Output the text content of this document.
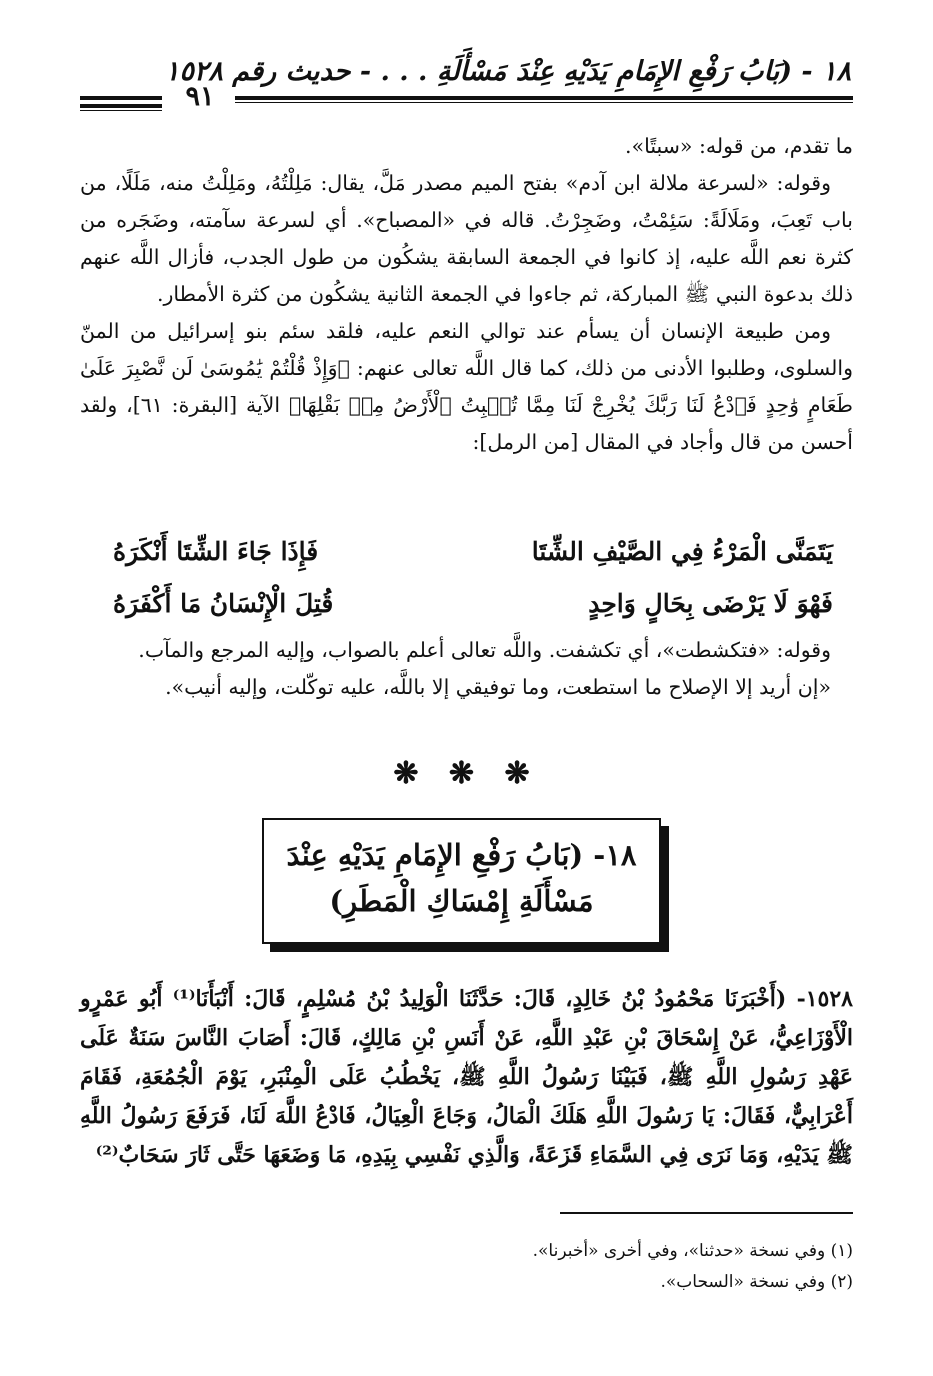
١٨ - (بَابُ رَفْعِ الإِمَامِ يَدَيْهِ عِنْدَ مَسْأَلَةِ . . . - حديث رقم ١٥٢٨
٩١

ما تقدم، من قوله: «سبتًا».

وقوله: «لسرعة ملالة ابن آدم» بفتح الميم مصدر مَلَّ، يقال: مَلِلْتُهُ، ومَلِلْتُ منه، مَلَلًا، من باب تَعِبَ، ومَلَالَةً: سَئِمْتُ، وضَجِرْتُ. قاله في «المصباح». أي لسرعة سآمته، وضَجَره من كثرة نعم اللَّه عليه، إذ كانوا في الجمعة السابقة يشكُون من طول الجدب، فأزال اللَّه عنهم ذلك بدعوة النبي ﷺ المباركة، ثم جاءوا في الجمعة الثانية يشكُون من كثرة الأمطار.

ومن طبيعة الإنسان أن يسأم عند توالي النعم عليه، فلقد سئم بنو إسرائيل من المنّ والسلوى، وطلبوا الأدنى من ذلك، كما قال اللَّه تعالى عنهم: ﴿وَإِذْ قُلْتُمْ يَٰمُوسَىٰ لَن نَّصْبِرَ عَلَىٰ طَعَامٍ وَٰحِدٍ فَٱدْعُ لَنَا رَبَّكَ يُخْرِجْ لَنَا مِمَّا تُنۢبِتُ ٱلْأَرْضُ مِنۢ بَقْلِهَا﴾ الآية [البقرة: ٦١]، ولقد أحسن من قال وأجاد في المقال [من الرمل]:

يَتَمَنَّى الْمَرْءُ فِي الصَّيْفِ الشِّتَا
فَإِذَا جَاءَ الشِّتَا أَنْكَرَهُ
فَهْوَ لَا يَرْضَى بِحَالٍ وَاحِدٍ
قُتِلَ الْإِنْسَانُ مَا أَكْفَرَهُ

وقوله: «فتكشطت»، أي تكشفت. واللَّه تعالى أعلم بالصواب، وإليه المرجع والمآب.

«إن أريد إلا الإصلاح ما استطعت، وما توفيقي إلا باللَّه، عليه توكّلت، وإليه أنيب».

❋ ❋ ❋
١٨- (بَابُ رَفْعِ الإِمَامِ يَدَيْهِ عِنْدَ
مَسْأَلَةِ إِمْسَاكِ الْمَطَرِ)

١٥٢٨- (أَخْبَرَنَا مَحْمُودُ بْنُ خَالِدٍ، قَالَ: حَدَّثَنَا الْوَلِيدُ بْنُ مُسْلِمٍ، قَالَ: أَنْبَأَنَا⁽¹⁾ أَبُو عَمْرٍو الْأَوْزَاعِيُّ، عَنْ إِسْحَاقَ بْنِ عَبْدِ اللَّهِ، عَنْ أَنَسِ بْنِ مَالِكٍ، قَالَ: أَصَابَ النَّاسَ سَنَةٌ عَلَى عَهْدِ رَسُولِ اللَّهِ ﷺ، فَبَيْنَا رَسُولُ اللَّهِ ﷺ، يَخْطُبُ عَلَى الْمِنْبَرِ، يَوْمَ الْجُمُعَةِ، فَقَامَ أَعْرَابِيٌّ، فَقَالَ: يَا رَسُولَ اللَّهِ هَلَكَ الْمَالُ، وَجَاعَ الْعِيَالُ، فَادْعُ اللَّهَ لَنَا، فَرَفَعَ رَسُولُ اللَّهِ ﷺ يَدَيْهِ، وَمَا نَرَى فِي السَّمَاءِ قَزَعَةً، وَالَّذِي نَفْسِي بِيَدِهِ، مَا وَضَعَهَا حَتَّى ثَارَ سَحَابٌ⁽²⁾

(١) وفي نسخة «حدثنا»، وفي أخرى «أخبرنا».

(٢) وفي نسخة «السحاب».
